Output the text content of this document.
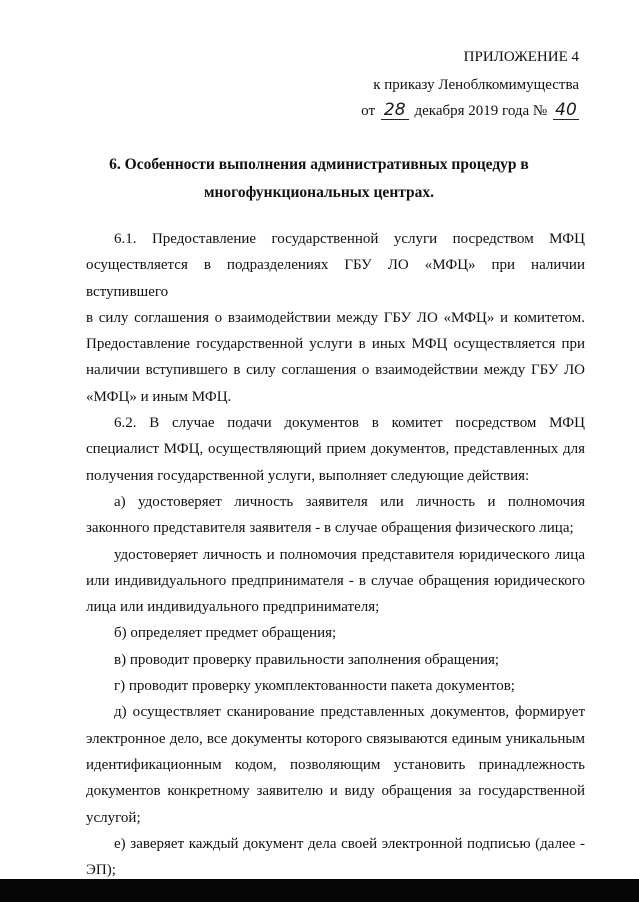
ПРИЛОЖЕНИЕ 4
к приказу Леноблкомимущества
от 28 декабря 2019 года № 40
6. Особенности выполнения административных процедур в
многофункциональных центрах.

6.1. Предоставление государственной услуги посредством МФЦ

осуществляется в подразделениях ГБУ ЛО «МФЦ» при наличии вступившего

в силу соглашения о взаимодействии между ГБУ ЛО «МФЦ» и комитетом.

Предоставление государственной услуги в иных МФЦ осуществляется при

наличии вступившего в силу соглашения о взаимодействии между ГБУ ЛО

«МФЦ» и иным МФЦ.

6.2. В случае подачи документов в комитет посредством МФЦ

специалист МФЦ, осуществляющий прием документов, представленных для

получения государственной услуги, выполняет следующие действия:

а) удостоверяет личность заявителя или личность и полномочия

законного представителя заявителя - в случае обращения физического лица;

удостоверяет личность и полномочия представителя юридического лица

или индивидуального предпринимателя - в случае обращения юридического

лица или индивидуального предпринимателя;

б) определяет предмет обращения;

в) проводит проверку правильности заполнения обращения;

г) проводит проверку укомплектованности пакета документов;

д) осуществляет сканирование представленных документов, формирует

электронное дело, все документы которого связываются единым уникальным

идентификационным кодом, позволяющим установить принадлежность

документов конкретному заявителю и виду обращения за государственной

услугой;

е) заверяет каждый документ дела своей электронной подписью (далее -

ЭП);
